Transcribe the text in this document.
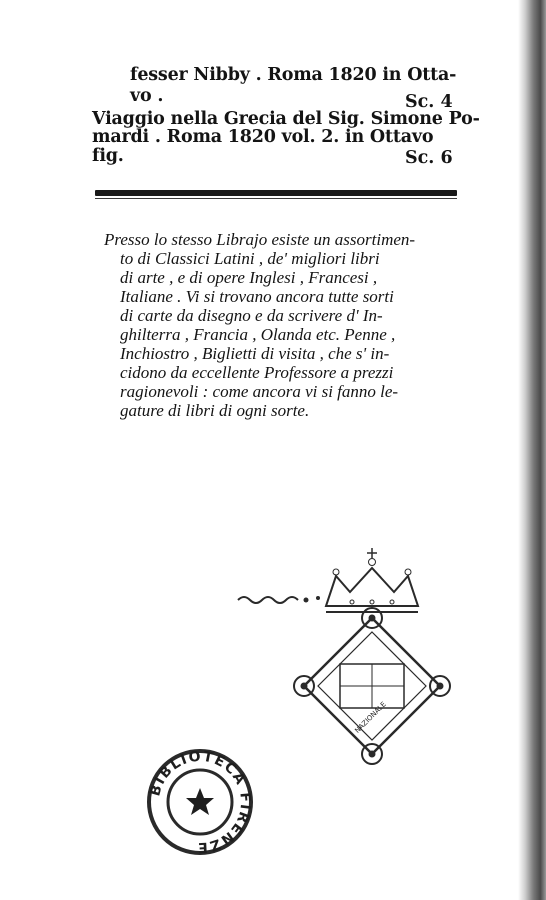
fesser Nibby . Roma 1820 in Otta-
vo .	Sc. 4
Viaggio nella Grecia del Sig. Simone Po-
mardi . Roma 1820 vol. 2. in Ottavo
fig.	Sc. 6
Presso lo stesso Librajo esiste un assortimen-
to di Classici Latini , de' migliori libri
di arte , e di opere Inglesi , Francesi ,
Italiane . Vi si trovano ancora tutte sorti
di carte da disegno e da scrivere d' In-
ghilterra , Francia , Olanda etc. Penne ,
Inchiostro , Biglietti di visita , che s' in-
cidono da eccellente Professore a prezzi
ragionevoli : come ancora vi si fanno le-
gature di libri di ogni sorte.
NAZIONALE
BIBLIOTECA FIRENZE
